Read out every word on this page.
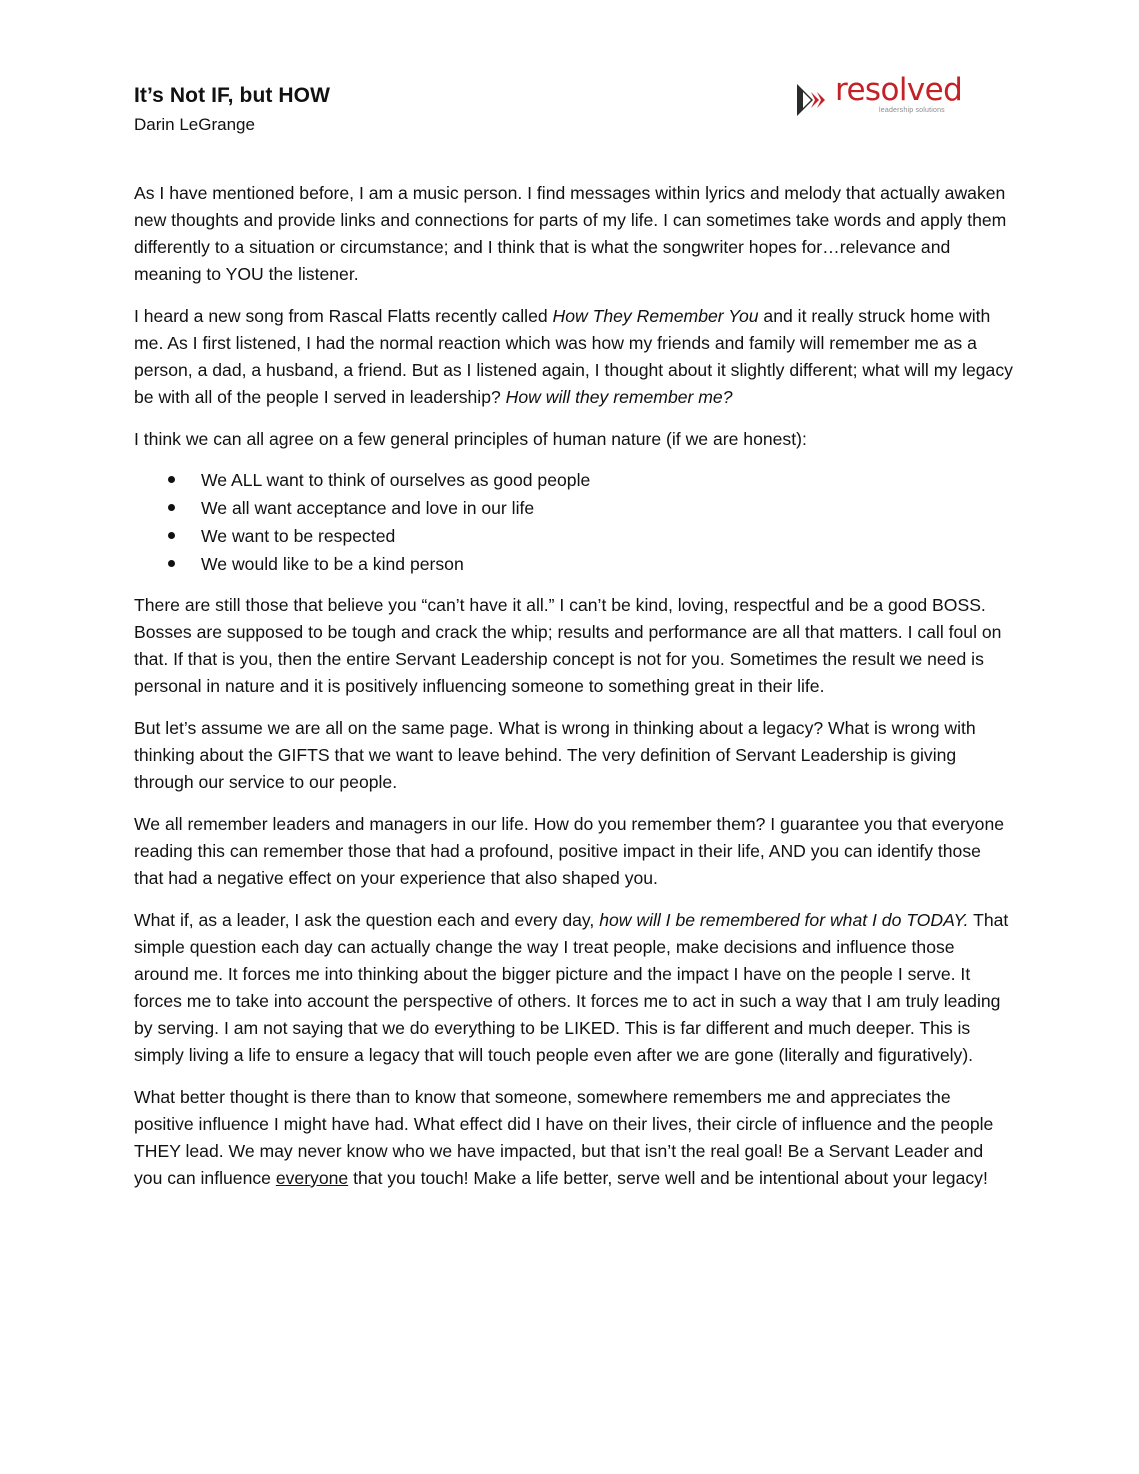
It’s Not IF, but HOW
Darin LeGrange
resolved
leadership solutions

As I have mentioned before, I am a music person. I find messages within lyrics and melody that actually awaken new thoughts and provide links and connections for parts of my life. I can sometimes take words and apply them differently to a situation or circumstance; and I think that is what the songwriter hopes for…relevance and meaning to YOU the listener.

I heard a new song from Rascal Flatts recently called How They Remember You and it really struck home with me. As I first listened, I had the normal reaction which was how my friends and family will remember me as a person, a dad, a husband, a friend. But as I listened again, I thought about it slightly different; what will my legacy be with all of the people I served in leadership? How will they remember me?

I think we can all agree on a few general principles of human nature (if we are honest):

We ALL want to think of ourselves as good people
We all want acceptance and love in our life
We want to be respected
We would like to be a kind person

There are still those that believe you “can’t have it all.” I can’t be kind, loving, respectful and be a good BOSS. Bosses are supposed to be tough and crack the whip; results and performance are all that matters. I call foul on that. If that is you, then the entire Servant Leadership concept is not for you. Sometimes the result we need is personal in nature and it is positively influencing someone to something great in their life.

But let’s assume we are all on the same page. What is wrong in thinking about a legacy? What is wrong with thinking about the GIFTS that we want to leave behind. The very definition of Servant Leadership is giving through our service to our people.

We all remember leaders and managers in our life. How do you remember them? I guarantee you that everyone reading this can remember those that had a profound, positive impact in their life, AND you can identify those that had a negative effect on your experience that also shaped you.

What if, as a leader, I ask the question each and every day, how will I be remembered for what I do TODAY. That simple question each day can actually change the way I treat people, make decisions and influence those around me. It forces me into thinking about the bigger picture and the impact I have on the people I serve. It forces me to take into account the perspective of others. It forces me to act in such a way that I am truly leading by serving. I am not saying that we do everything to be LIKED. This is far different and much deeper. This is simply living a life to ensure a legacy that will touch people even after we are gone (literally and figuratively).

What better thought is there than to know that someone, somewhere remembers me and appreciates the positive influence I might have had. What effect did I have on their lives, their circle of influence and the people THEY lead. We may never know who we have impacted, but that isn’t the real goal! Be a Servant Leader and you can influence everyone that you touch! Make a life better, serve well and be intentional about your legacy!
